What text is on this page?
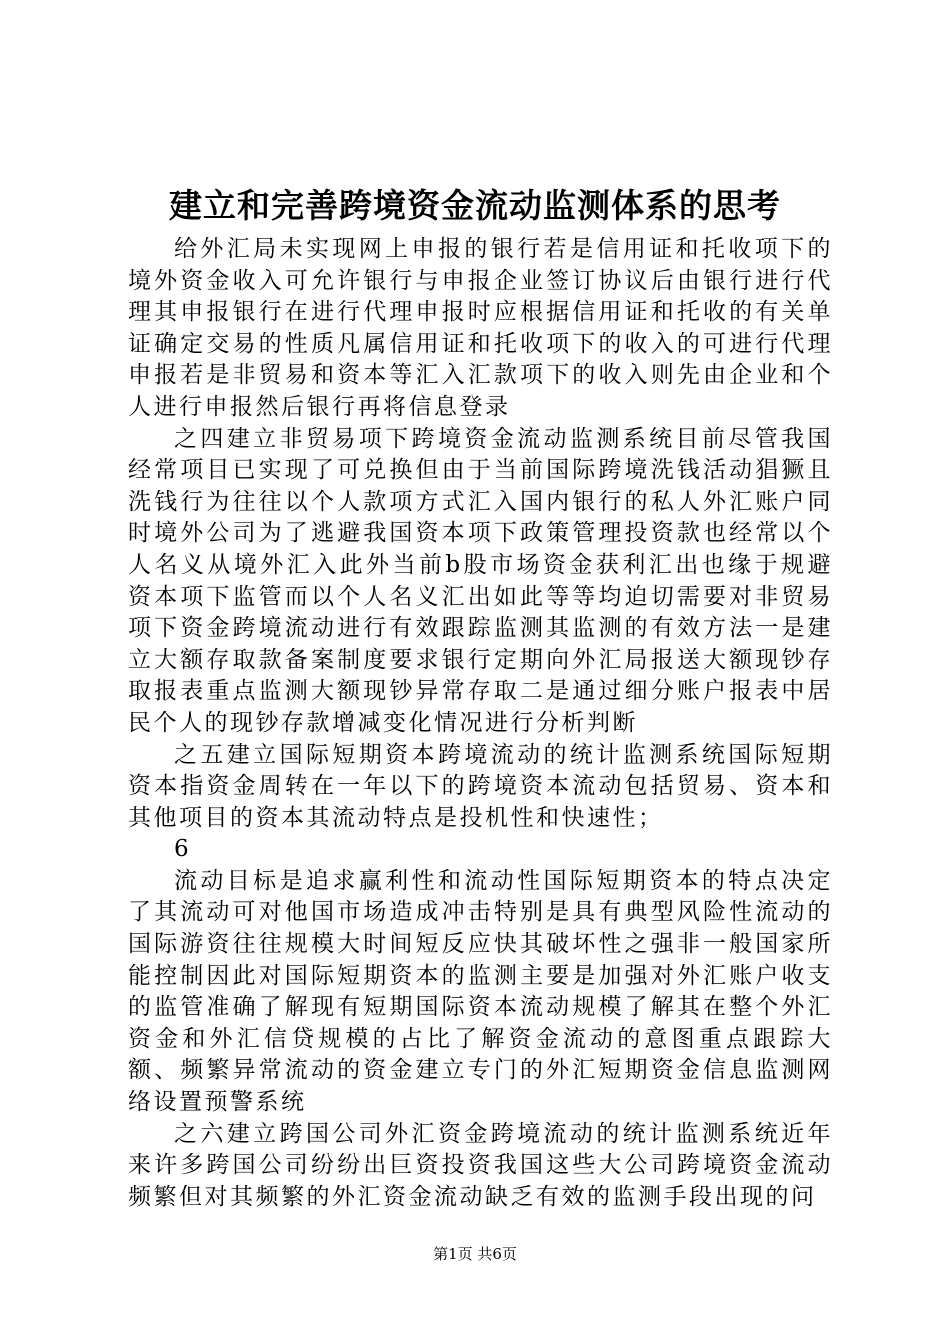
建立和完善跨境资金流动监测体系的思考

给外汇局未实现网上申报的银行若是信用证和托收项下的境外资金收入可允许银行与申报企业签订协议后由银行进行代理其申报银行在进行代理申报时应根据信用证和托收的有关单证确定交易的性质凡属信用证和托收项下的收入的可进行代理申报若是非贸易和资本等汇入汇款项下的收入则先由企业和个人进行申报然后银行再将信息登录

之四建立非贸易项下跨境资金流动监测系统目前尽管我国经常项目已实现了可兑换但由于当前国际跨境洗钱活动猖獗且洗钱行为往往以个人款项方式汇入国内银行的私人外汇账户同时境外公司为了逃避我国资本项下政策管理投资款也经常以个人名义从境外汇入此外当前b股市场资金获利汇出也缘于规避资本项下监管而以个人名义汇出如此等等均迫切需要对非贸易项下资金跨境流动进行有效跟踪监测其监测的有效方法一是建立大额存取款备案制度要求银行定期向外汇局报送大额现钞存取报表重点监测大额现钞异常存取二是通过细分账户报表中居民个人的现钞存款增减变化情况进行分析判断

之五建立国际短期资本跨境流动的统计监测系统国际短期资本指资金周转在一年以下的跨境资本流动包括贸易、资本和其他项目的资本其流动特点是投机性和快速性；

6

流动目标是追求赢利性和流动性国际短期资本的特点决定了其流动可对他国市场造成冲击特别是具有典型风险性流动的国际游资往往规模大时间短反应快其破坏性之强非一般国家所能控制因此对国际短期资本的监测主要是加强对外汇账户收支的监管准确了解现有短期国际资本流动规模了解其在整个外汇资金和外汇信贷规模的占比了解资金流动的意图重点跟踪大额、频繁异常流动的资金建立专门的外汇短期资金信息监测网络设置预警系统

之六建立跨国公司外汇资金跨境流动的统计监测系统近年来许多跨国公司纷纷出巨资投资我国这些大公司跨境资金流动频繁但对其频繁的外汇资金流动缺乏有效的监测手段出现的问

第1页 共6页
